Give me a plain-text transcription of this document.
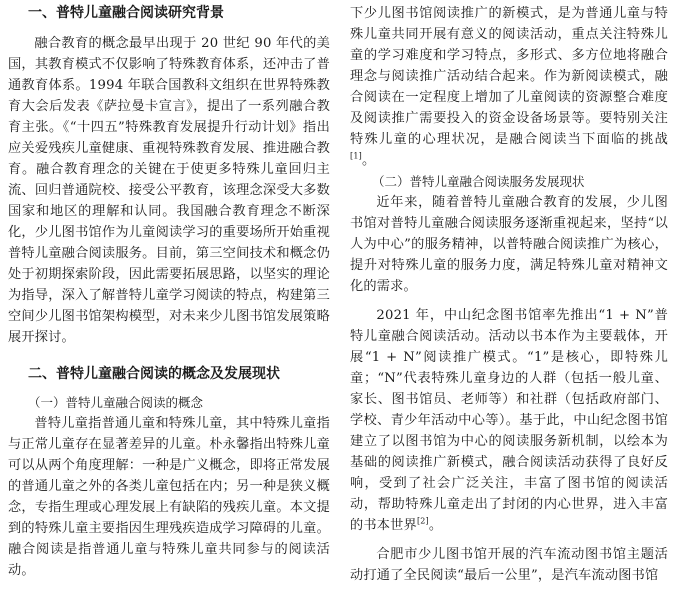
一、普特儿童融合阅读研究背景

融合教育的概念最早出现于 20 世纪 90 年代的美国，其教育模式不仅影响了特殊教育体系，还冲击了普通教育体系。1994 年联合国教科文组织在世界特殊教育大会后发表《萨拉曼卡宣言》，提出了一系列融合教育主张。《“十四五”特殊教育发展提升行动计划》指出应关爱残疾儿童健康、重视特殊教育发展、推进融合教育。融合教育理念的关键在于使更多特殊儿童回归主流、回归普通院校、接受公平教育，该理念深受大多数国家和地区的理解和认同。我国融合教育理念不断深化，少儿图书馆作为儿童阅读学习的重要场所开始重视普特儿童融合阅读服务。目前，第三空间技术和概念仍处于初期探索阶段，因此需要拓展思路，以坚实的理论为指导，深入了解普特儿童学习阅读的特点，构建第三空间少儿图书馆架构模型，对未来少儿图书馆发展策略展开探讨。

二、普特儿童融合阅读的概念及发展现状
（一）普特儿童融合阅读的概念

普特儿童指普通儿童和特殊儿童，其中特殊儿童指与正常儿童存在显著差异的儿童。朴永馨指出特殊儿童可以从两个角度理解：一种是广义概念，即将正常发展的普通儿童之外的各类儿童包括在内；另一种是狭义概念，专指生理或心理发展上有缺陷的残疾儿童。本文提到的特殊儿童主要指因生理残疾造成学习障碍的儿童。融合阅读是指普通儿童与特殊儿童共同参与的阅读活动。

下少儿图书馆阅读推广的新模式，是为普通儿童与特殊儿童共同开展有意义的阅读活动，重点关注特殊儿童的学习难度和学习特点，多形式、多方位地将融合理念与阅读推广活动结合起来。作为新阅读模式，融合阅读在一定程度上增加了儿童阅读的资源整合难度及阅读推广需要投入的资金设备场景等。要特别关注特殊儿童的心理状况，是融合阅读当下面临的挑战[1]。

（二）普特儿童融合阅读服务发展现状

近年来，随着普特儿童融合教育的发展，少儿图书馆对普特儿童融合阅读服务逐渐重视起来，坚持“以人为中心”的服务精神，以普特融合阅读推广为核心，提升对特殊儿童的服务力度，满足特殊儿童对精神文化的需求。

2021 年，中山纪念图书馆率先推出“1 + N”普特儿童融合阅读活动。活动以书本作为主要载体，开展“1 + N”阅读推广模式。“1”是核心，即特殊儿童；“N”代表特殊儿童身边的人群（包括一般儿童、家长、图书馆员、老师等）和社群（包括政府部门、学校、青少年活动中心等）。基于此，中山纪念图书馆建立了以图书馆为中心的阅读服务新机制，以绘本为基础的阅读推广新模式，融合阅读活动获得了良好反响，受到了社会广泛关注，丰富了图书馆的阅读活动，帮助特殊儿童走出了封闭的内心世界，进入丰富的书本世界[2]。

合肥市少儿图书馆开展的汽车流动图书馆主题活动打通了全民阅读“最后一公里”，是汽车流动图书馆
